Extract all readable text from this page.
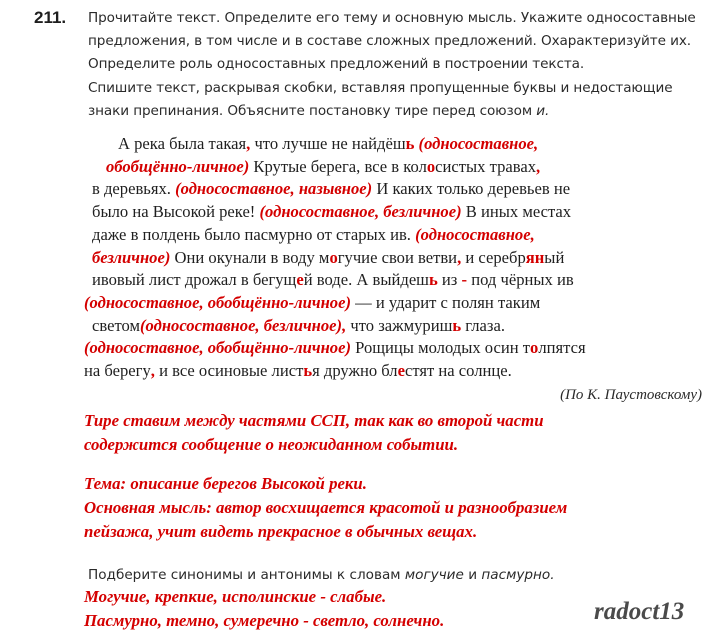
211. Прочитайте текст. Определите его тему и основную мысль. Укажите односоставные

предложения, в том числе и в составе сложных предложений. Охарактеризуйте их.

Определите роль односоставных предложений в построении текста.

Спишите текст, раскрывая скобки, вставляя пропущенные буквы и недостающие

знаки препинания. Объясните постановку тире перед союзом и.

А река была такая, что лучше не найдёшь (односоставное,
обобщённо-личное) Крутые берега, все в колосистых травах,
в деревьях. (односоставное, назывное) И каких только деревьев не
было на Высокой реке! (односоставное, безличное) В иных местах
даже в полдень было пасмурно от старых ив. (односоставное,
безличное) Они окунали в воду могучие свои ветви, и серебряный
ивовый лист дрожал в бегущей воде. А выйдешь из - под чёрных ив
(односоставное, обобщённо-личное) — и ударит с полян таким
светом(односоставное, безличное), что зажмуришь глаза.
(односоставное, обобщённо-личное) Рощицы молодых осин толпятся
на берегу, и все осиновые листья дружно блестят на солнце.
(По К. Паустовскому)

Тире ставим между частями ССП, так как во второй части

содержится сообщение о неожиданном событии.

Тема: описание берегов Высокой реки.

Основная мысль: автор восхищается красотой и разнообразием

пейзажа, учит видеть прекрасное в обычных вещах.

Подберите синонимы и антонимы к словам могучие и пасмурно.

Могучие, крепкие, исполинские - слабые.

Пасмурно, темно, сумеречно - светло, солнечно.	radoct13
